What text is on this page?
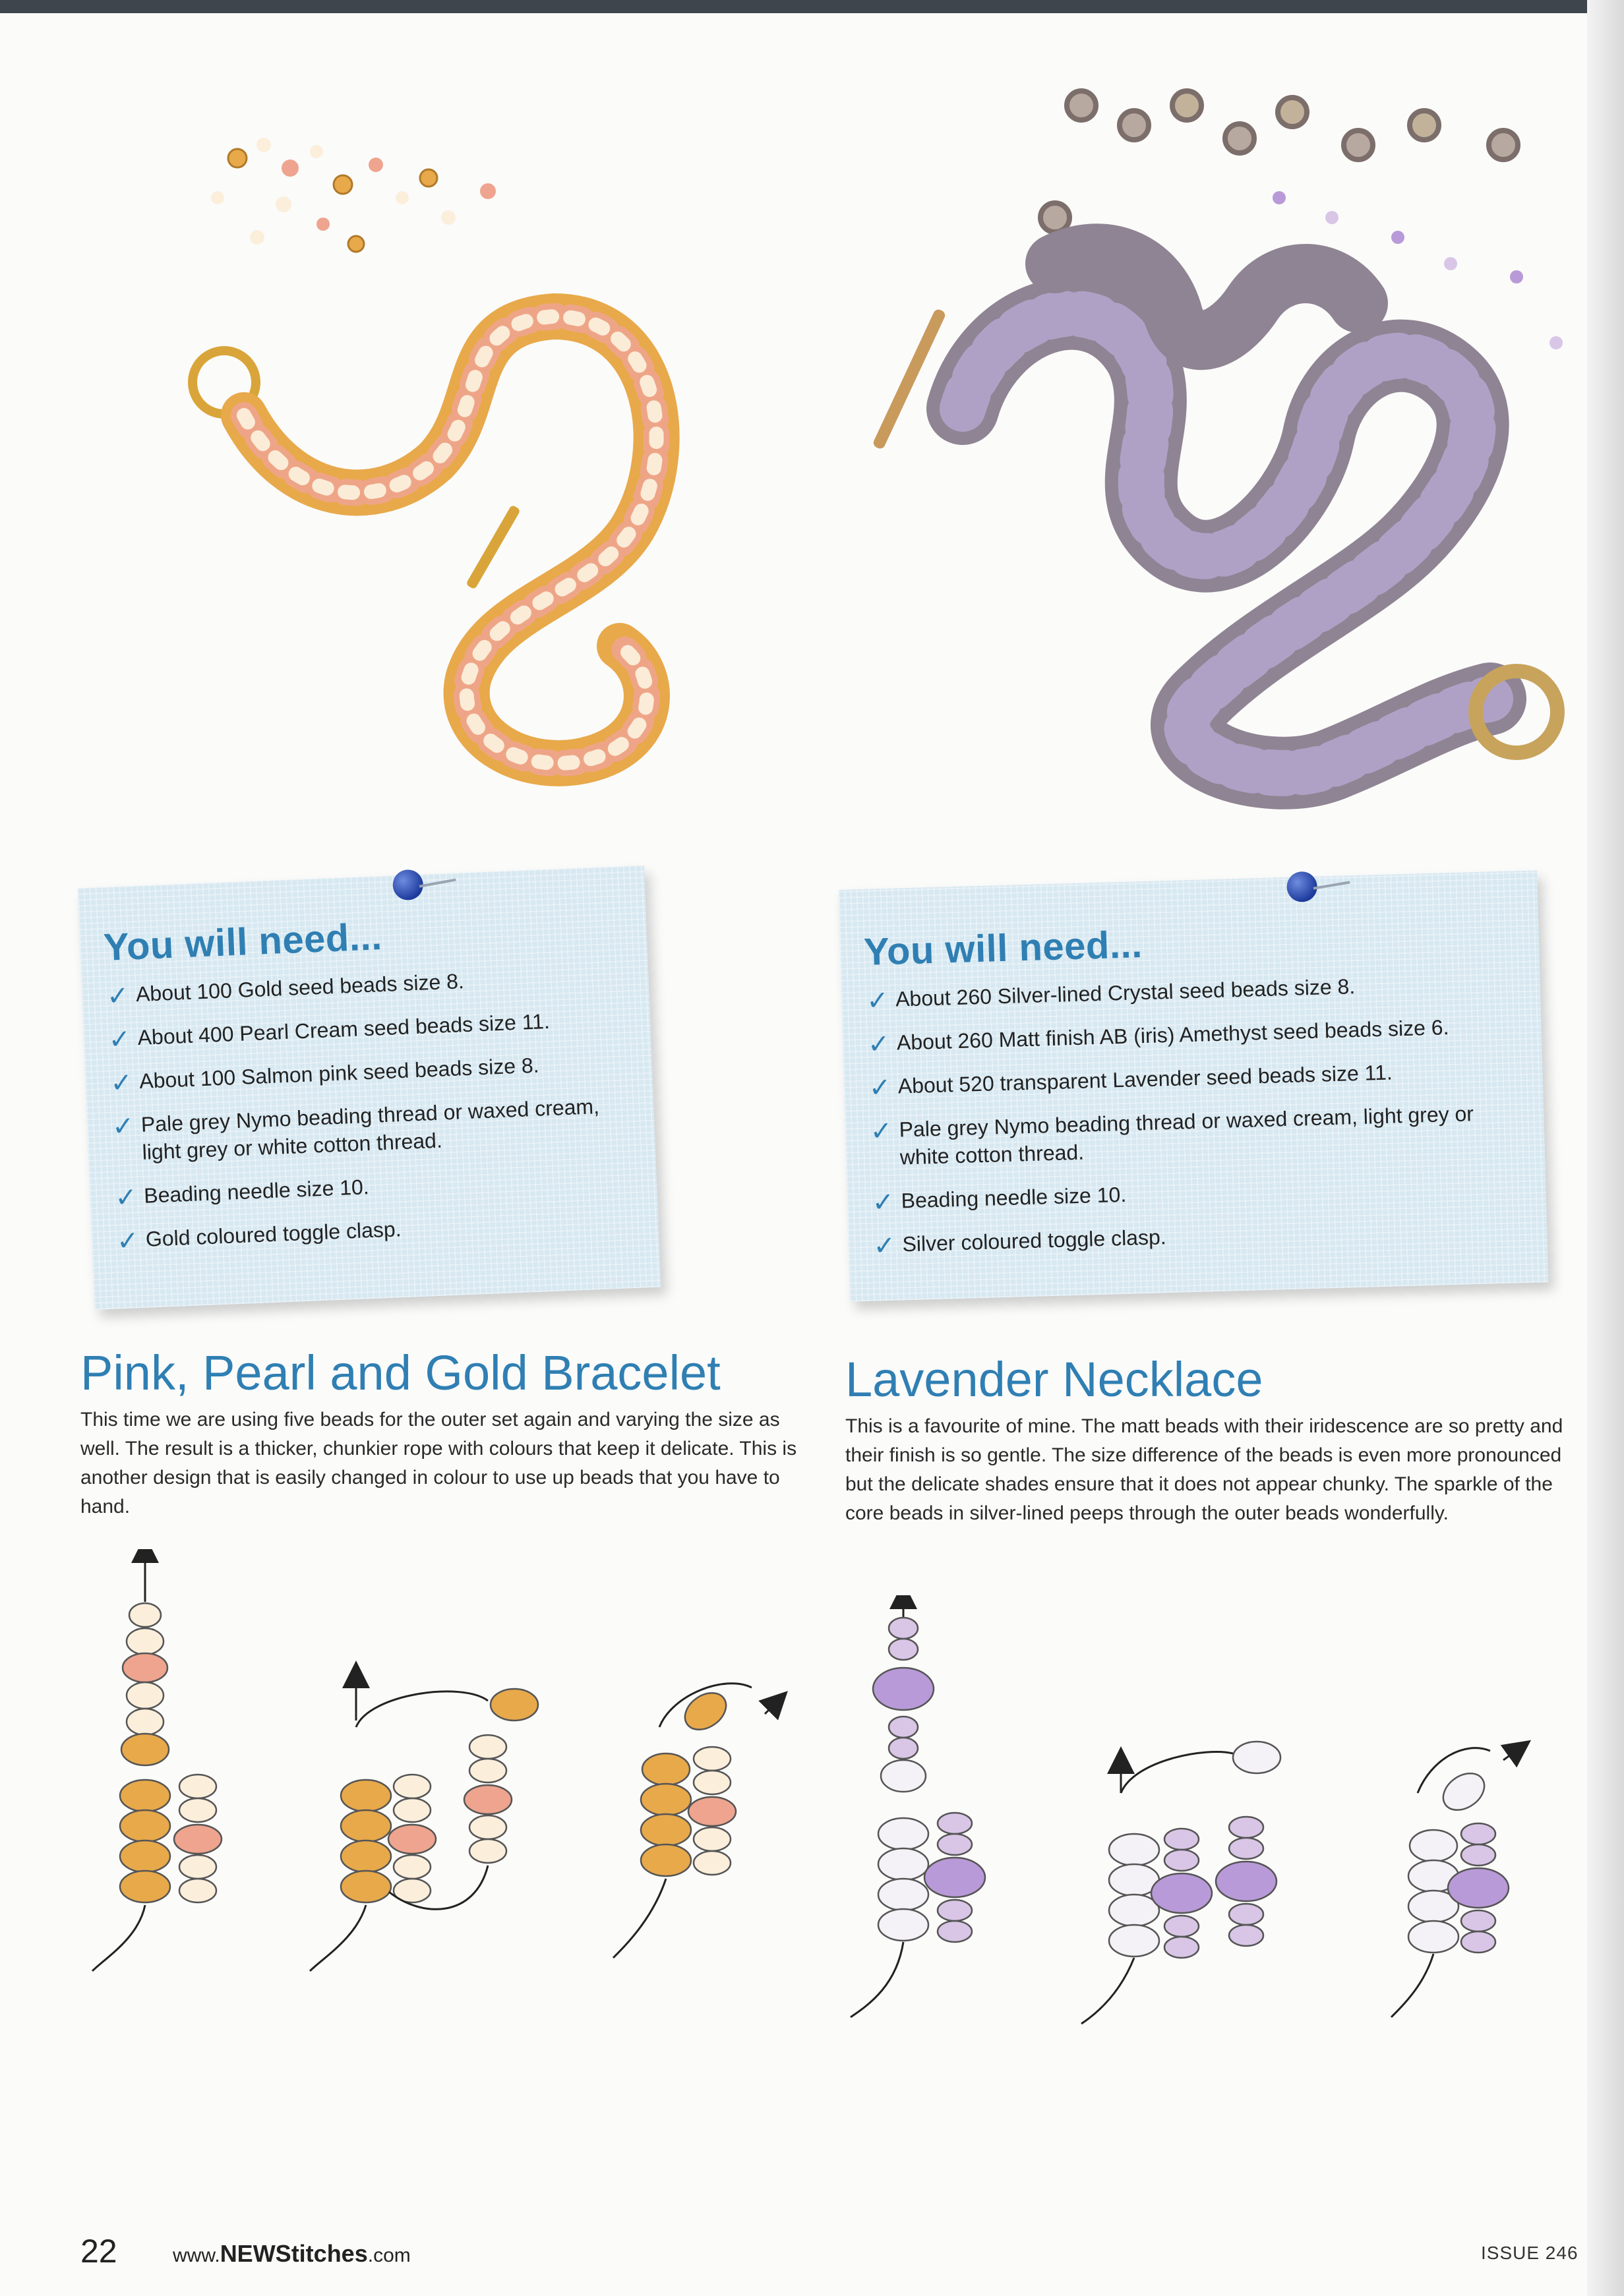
You will need...
✓ About 100 Gold seed beads size 8.
✓ About 400 Pearl Cream seed beads size 11.
✓ About 100 Salmon pink seed beads size 8.
✓ Pale grey Nymo beading thread or waxed cream, light grey or white cotton thread.
✓ Beading needle size 10.
✓ Gold coloured toggle clasp.
You will need...
✓ About 260 Silver-lined Crystal seed beads size 8.
✓ About 260 Matt finish AB (iris) Amethyst seed beads size 6.
✓ About 520 transparent Lavender seed beads size 11.
✓ Pale grey Nymo beading thread or waxed cream, light grey or white cotton thread.
✓ Beading needle size 10.
✓ Silver coloured toggle clasp.
Pink, Pearl and Gold Bracelet

This time we are using five beads for the outer set again and varying the size as well. The result is a thicker, chunkier rope with colours that keep it delicate. This is another design that is easily changed in colour to use up beads that you have to hand.

Lavender Necklace

This is a favourite of mine. The matt beads with their iridescence are so pretty and their finish is so gentle. The size difference of the beads is even more pronounced but the delicate shades ensure that it does not appear chunky. The sparkle of the core beads in silver-lined peeps through the outer beads wonderfully.

22	www.NEWStitches.com	ISSUE 246
